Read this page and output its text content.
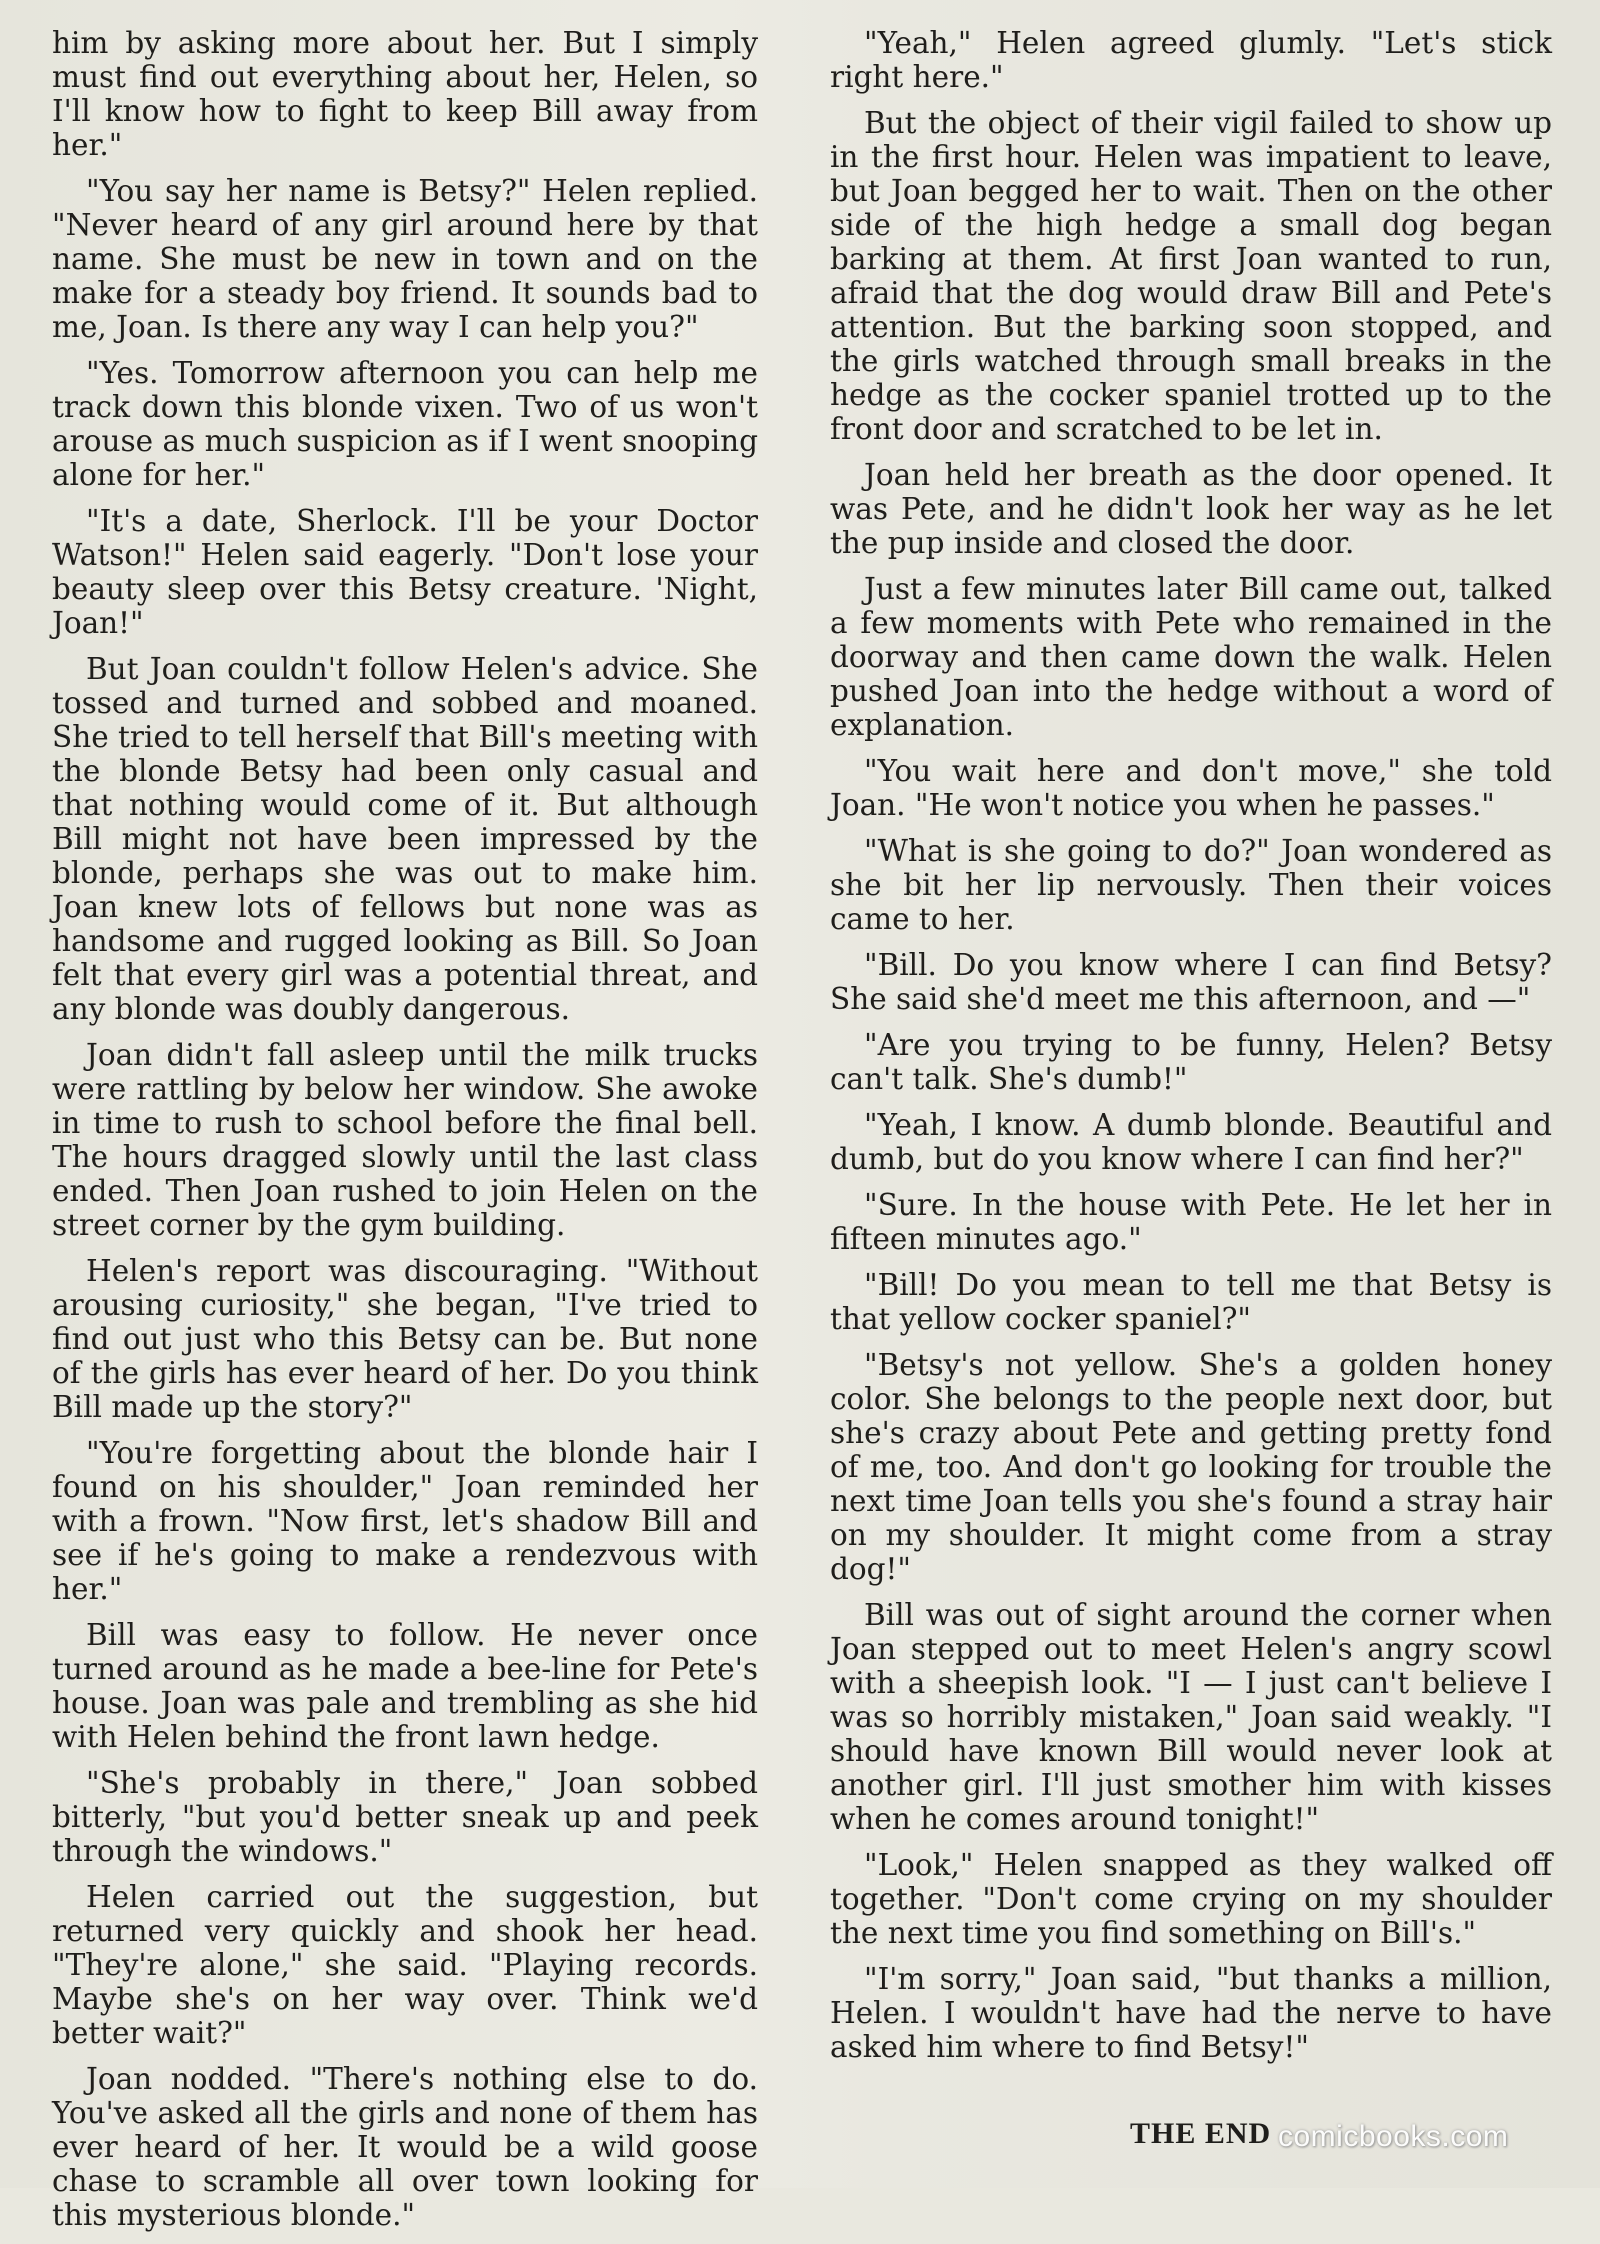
him by asking more about her. But I simply must find out everything about her, Helen, so I'll know how to fight to keep Bill away from her."

"You say her name is Betsy?" Helen replied. "Never heard of any girl around here by that name. She must be new in town and on the make for a steady boy friend. It sounds bad to me, Joan. Is there any way I can help you?"

"Yes. Tomorrow afternoon you can help me track down this blonde vixen. Two of us won't arouse as much suspicion as if I went snooping alone for her."

"It's a date, Sherlock. I'll be your Doctor Watson!" Helen said eagerly. "Don't lose your beauty sleep over this Betsy creature. 'Night, Joan!"

But Joan couldn't follow Helen's advice. She tossed and turned and sobbed and moaned. She tried to tell herself that Bill's meeting with the blonde Betsy had been only casual and that nothing would come of it. But although Bill might not have been impressed by the blonde, perhaps she was out to make him. Joan knew lots of fellows but none was as handsome and rugged looking as Bill. So Joan felt that every girl was a potential threat, and any blonde was doubly dangerous.

Joan didn't fall asleep until the milk trucks were rattling by below her window. She awoke in time to rush to school before the final bell. The hours dragged slowly until the last class ended. Then Joan rushed to join Helen on the street corner by the gym building.

Helen's report was discouraging. "Without arousing curiosity," she began, "I've tried to find out just who this Betsy can be. But none of the girls has ever heard of her. Do you think Bill made up the story?"

"You're forgetting about the blonde hair I found on his shoulder," Joan reminded her with a frown. "Now first, let's shadow Bill and see if he's going to make a rendezvous with her."

Bill was easy to follow. He never once turned around as he made a bee-line for Pete's house. Joan was pale and trembling as she hid with Helen behind the front lawn hedge.

"She's probably in there," Joan sobbed bitterly, "but you'd better sneak up and peek through the windows."

Helen carried out the suggestion, but returned very quickly and shook her head. "They're alone," she said. "Playing records. Maybe she's on her way over. Think we'd better wait?"

Joan nodded. "There's nothing else to do. You've asked all the girls and none of them has ever heard of her. It would be a wild goose chase to scramble all over town looking for this mysterious blonde."

"Yeah," Helen agreed glumly. "Let's stick right here."

But the object of their vigil failed to show up in the first hour. Helen was impatient to leave, but Joan begged her to wait. Then on the other side of the high hedge a small dog began barking at them. At first Joan wanted to run, afraid that the dog would draw Bill and Pete's attention. But the barking soon stopped, and the girls watched through small breaks in the hedge as the cocker spaniel trotted up to the front door and scratched to be let in.

Joan held her breath as the door opened. It was Pete, and he didn't look her way as he let the pup inside and closed the door.

Just a few minutes later Bill came out, talked a few moments with Pete who remained in the doorway and then came down the walk. Helen pushed Joan into the hedge without a word of explanation.

"You wait here and don't move," she told Joan. "He won't notice you when he passes."

"What is she going to do?" Joan wondered as she bit her lip nervously. Then their voices came to her.

"Bill. Do you know where I can find Betsy? She said she'd meet me this afternoon, and —"

"Are you trying to be funny, Helen? Betsy can't talk. She's dumb!"

"Yeah, I know. A dumb blonde. Beautiful and dumb, but do you know where I can find her?"

"Sure. In the house with Pete. He let her in fifteen minutes ago."

"Bill! Do you mean to tell me that Betsy is that yellow cocker spaniel?"

"Betsy's not yellow. She's a golden honey color. She belongs to the people next door, but she's crazy about Pete and getting pretty fond of me, too. And don't go looking for trouble the next time Joan tells you she's found a stray hair on my shoulder. It might come from a stray dog!"

Bill was out of sight around the corner when Joan stepped out to meet Helen's angry scowl with a sheepish look. "I — I just can't believe I was so horribly mistaken," Joan said weakly. "I should have known Bill would never look at another girl. I'll just smother him with kisses when he comes around tonight!"

"Look," Helen snapped as they walked off together. "Don't come crying on my shoulder the next time you find something on Bill's."

"I'm sorry," Joan said, "but thanks a million, Helen. I wouldn't have had the nerve to have asked him where to find Betsy!"

THE END comicbooks.com
